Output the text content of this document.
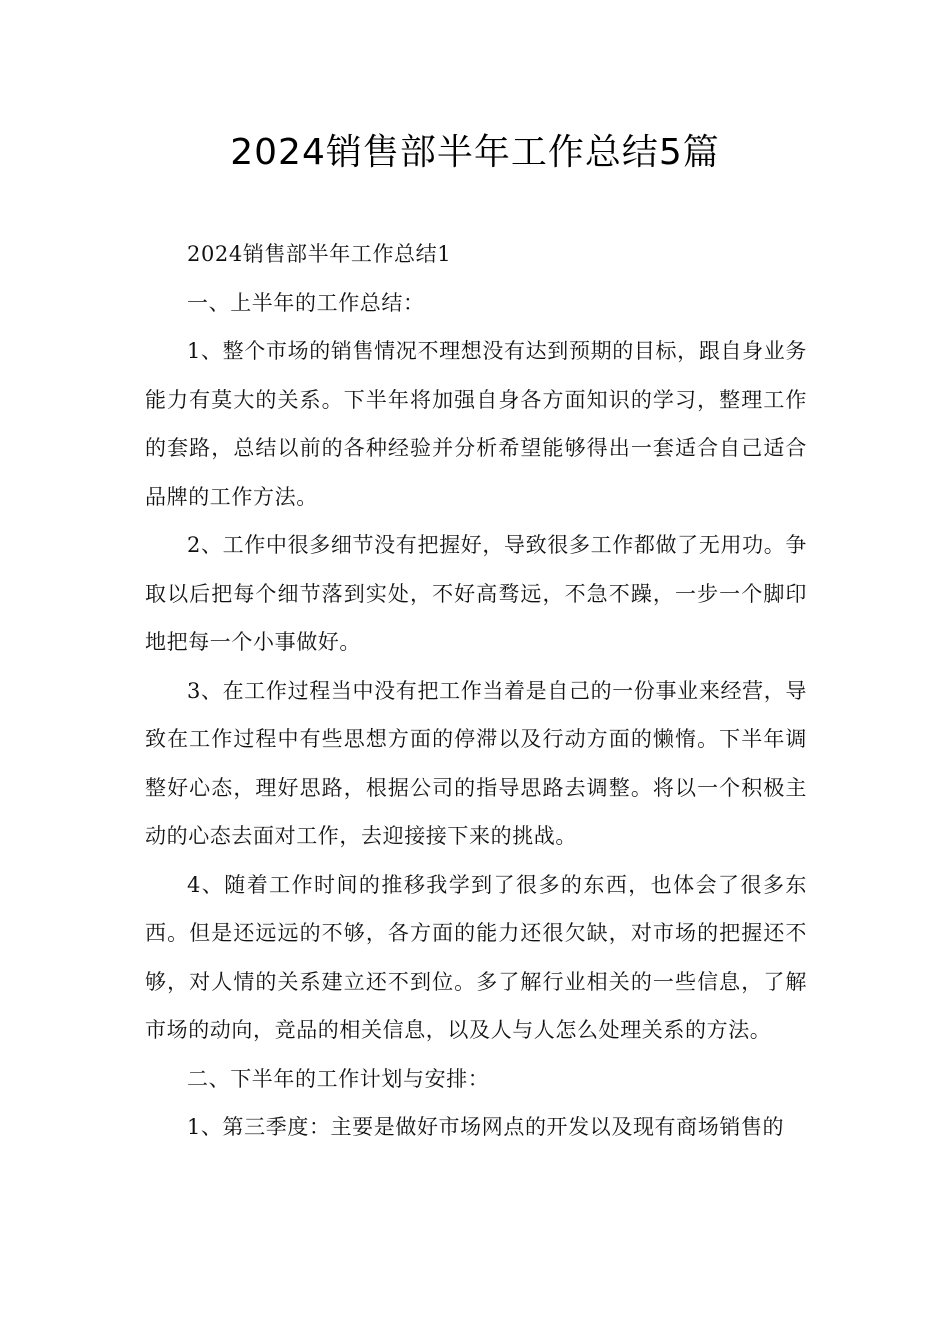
2024销售部半年工作总结5篇

2024销售部半年工作总结1

一、上半年的工作总结：

1、整个市场的销售情况不理想没有达到预期的目标，跟自身业务能力有莫大的关系。下半年将加强自身各方面知识的学习，整理工作的套路，总结以前的各种经验并分析希望能够得出一套适合自己适合品牌的工作方法。

2、工作中很多细节没有把握好，导致很多工作都做了无用功。争取以后把每个细节落到实处，不好高骛远，不急不躁，一步一个脚印地把每一个小事做好。

3、在工作过程当中没有把工作当着是自己的一份事业来经营，导致在工作过程中有些思想方面的停滞以及行动方面的懒惰。下半年调整好心态，理好思路，根据公司的指导思路去调整。将以一个积极主动的心态去面对工作，去迎接接下来的挑战。

4、随着工作时间的推移我学到了很多的东西，也体会了很多东西。但是还远远的不够，各方面的能力还很欠缺，对市场的把握还不够，对人情的关系建立还不到位。多了解行业相关的一些信息，了解市场的动向，竞品的相关信息，以及人与人怎么处理关系的方法。

二、下半年的工作计划与安排：

1、第三季度：主要是做好市场网点的开发以及现有商场销售的
